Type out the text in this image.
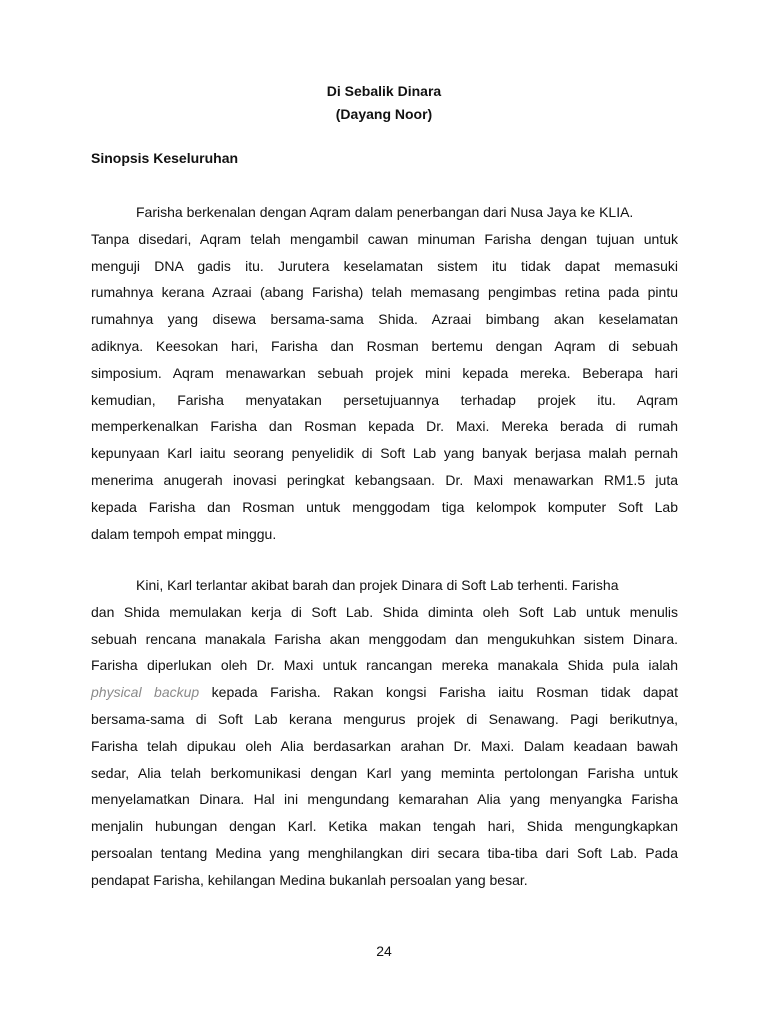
Di Sebalik Dinara
(Dayang Noor)
Sinopsis Keseluruhan
Farisha berkenalan dengan Aqram dalam penerbangan dari Nusa Jaya ke KLIA.
Tanpa disedari, Aqram telah mengambil cawan minuman Farisha dengan tujuan untuk
menguji DNA gadis itu. Jurutera keselamatan sistem itu tidak dapat memasuki
rumahnya kerana Azraai (abang Farisha) telah memasang pengimbas retina pada pintu
rumahnya yang disewa bersama-sama Shida. Azraai bimbang akan keselamatan
adiknya. Keesokan hari, Farisha dan Rosman bertemu dengan Aqram di sebuah
simposium. Aqram menawarkan sebuah projek mini kepada mereka. Beberapa hari
kemudian, Farisha menyatakan persetujuannya terhadap projek itu. Aqram
memperkenalkan Farisha dan Rosman kepada Dr. Maxi. Mereka berada di rumah
kepunyaan Karl iaitu seorang penyelidik di Soft Lab yang banyak berjasa malah pernah
menerima anugerah inovasi peringkat kebangsaan. Dr. Maxi menawarkan RM1.5 juta
kepada Farisha dan Rosman untuk menggodam tiga kelompok komputer Soft Lab
dalam tempoh empat minggu.
Kini, Karl terlantar akibat barah dan projek Dinara di Soft Lab terhenti. Farisha
dan Shida memulakan kerja di Soft Lab. Shida diminta oleh Soft Lab untuk menulis
sebuah rencana manakala Farisha akan menggodam dan mengukuhkan sistem Dinara.
Farisha diperlukan oleh Dr. Maxi untuk rancangan mereka manakala Shida pula ialah
physical backup kepada Farisha. Rakan kongsi Farisha iaitu Rosman tidak dapat
bersama-sama di Soft Lab kerana mengurus projek di Senawang. Pagi berikutnya,
Farisha telah dipukau oleh Alia berdasarkan arahan Dr. Maxi. Dalam keadaan bawah
sedar, Alia telah berkomunikasi dengan Karl yang meminta pertolongan Farisha untuk
menyelamatkan Dinara. Hal ini mengundang kemarahan Alia yang menyangka Farisha
menjalin hubungan dengan Karl. Ketika makan tengah hari, Shida mengungkapkan
persoalan tentang Medina yang menghilangkan diri secara tiba-tiba dari Soft Lab. Pada
pendapat Farisha, kehilangan Medina bukanlah persoalan yang besar.
24
